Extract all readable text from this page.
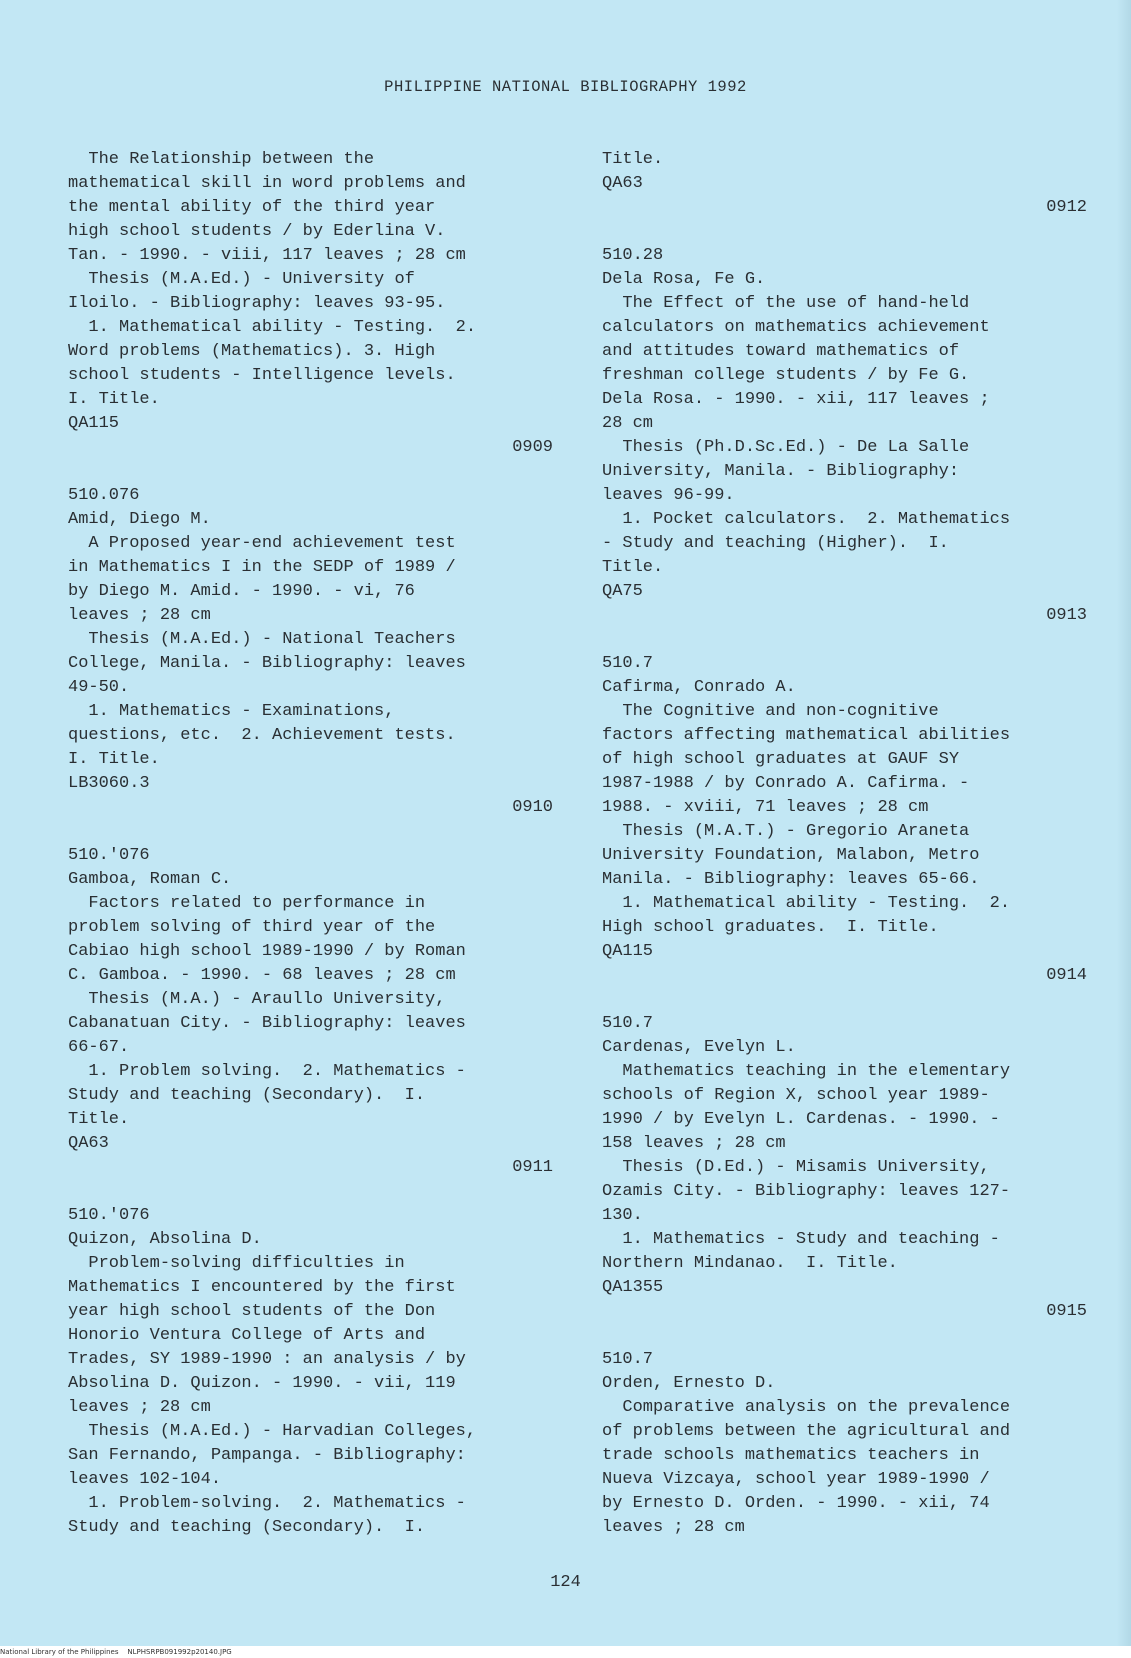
PHILIPPINE NATIONAL BIBLIOGRAPHY 1992
The Relationship between the
mathematical skill in word problems and
the mental ability of the third year
high school students / by Ederlina V.
Tan. - 1990. - viii, 117 leaves ; 28 cm
Thesis (M.A.Ed.) - University of
Iloilo. - Bibliography: leaves 93-95.
1. Mathematical ability - Testing.  2.
Word problems (Mathematics). 3. High
school students - Intelligence levels.
I. Title.
QA115
0909
510.076
Amid, Diego M.
A Proposed year-end achievement test
in Mathematics I in the SEDP of 1989 /
by Diego M. Amid. - 1990. - vi, 76
leaves ; 28 cm
Thesis (M.A.Ed.) - National Teachers
College, Manila. - Bibliography: leaves
49-50.
1. Mathematics - Examinations,
questions, etc.  2. Achievement tests.
I. Title.
LB3060.3
0910
510.'076
Gamboa, Roman C.
Factors related to performance in
problem solving of third year of the
Cabiao high school 1989-1990 / by Roman
C. Gamboa. - 1990. - 68 leaves ; 28 cm
Thesis (M.A.) - Araullo University,
Cabanatuan City. - Bibliography: leaves
66-67.
1. Problem solving.  2. Mathematics -
Study and teaching (Secondary).  I.
Title.
QA63
0911
510.'076
Quizon, Absolina D.
Problem-solving difficulties in
Mathematics I encountered by the first
year high school students of the Don
Honorio Ventura College of Arts and
Trades, SY 1989-1990 : an analysis / by
Absolina D. Quizon. - 1990. - vii, 119
leaves ; 28 cm
Thesis (M.A.Ed.) - Harvadian Colleges,
San Fernando, Pampanga. - Bibliography:
leaves 102-104.
1. Problem-solving.  2. Mathematics -
Study and teaching (Secondary).  I.
Title.
QA63
0912
510.28
Dela Rosa, Fe G.
The Effect of the use of hand-held
calculators on mathematics achievement
and attitudes toward mathematics of
freshman college students / by Fe G.
Dela Rosa. - 1990. - xii, 117 leaves ;
28 cm
Thesis (Ph.D.Sc.Ed.) - De La Salle
University, Manila. - Bibliography:
leaves 96-99.
1. Pocket calculators.  2. Mathematics
- Study and teaching (Higher).  I.
Title.
QA75
0913
510.7
Cafirma, Conrado A.
The Cognitive and non-cognitive
factors affecting mathematical abilities
of high school graduates at GAUF SY
1987-1988 / by Conrado A. Cafirma. -
1988. - xviii, 71 leaves ; 28 cm
Thesis (M.A.T.) - Gregorio Araneta
University Foundation, Malabon, Metro
Manila. - Bibliography: leaves 65-66.
1. Mathematical ability - Testing.  2.
High school graduates.  I. Title.
QA115
0914
510.7
Cardenas, Evelyn L.
Mathematics teaching in the elementary
schools of Region X, school year 1989-
1990 / by Evelyn L. Cardenas. - 1990. -
158 leaves ; 28 cm
Thesis (D.Ed.) - Misamis University,
Ozamis City. - Bibliography: leaves 127-
130.
1. Mathematics - Study and teaching -
Northern Mindanao.  I. Title.
QA1355
0915
510.7
Orden, Ernesto D.
Comparative analysis on the prevalence
of problems between the agricultural and
trade schools mathematics teachers in
Nueva Vizcaya, school year 1989-1990 /
by Ernesto D. Orden. - 1990. - xii, 74
leaves ; 28 cm
124
National Library of the Philippines    NLPHSRPB091992p20140.JPG
